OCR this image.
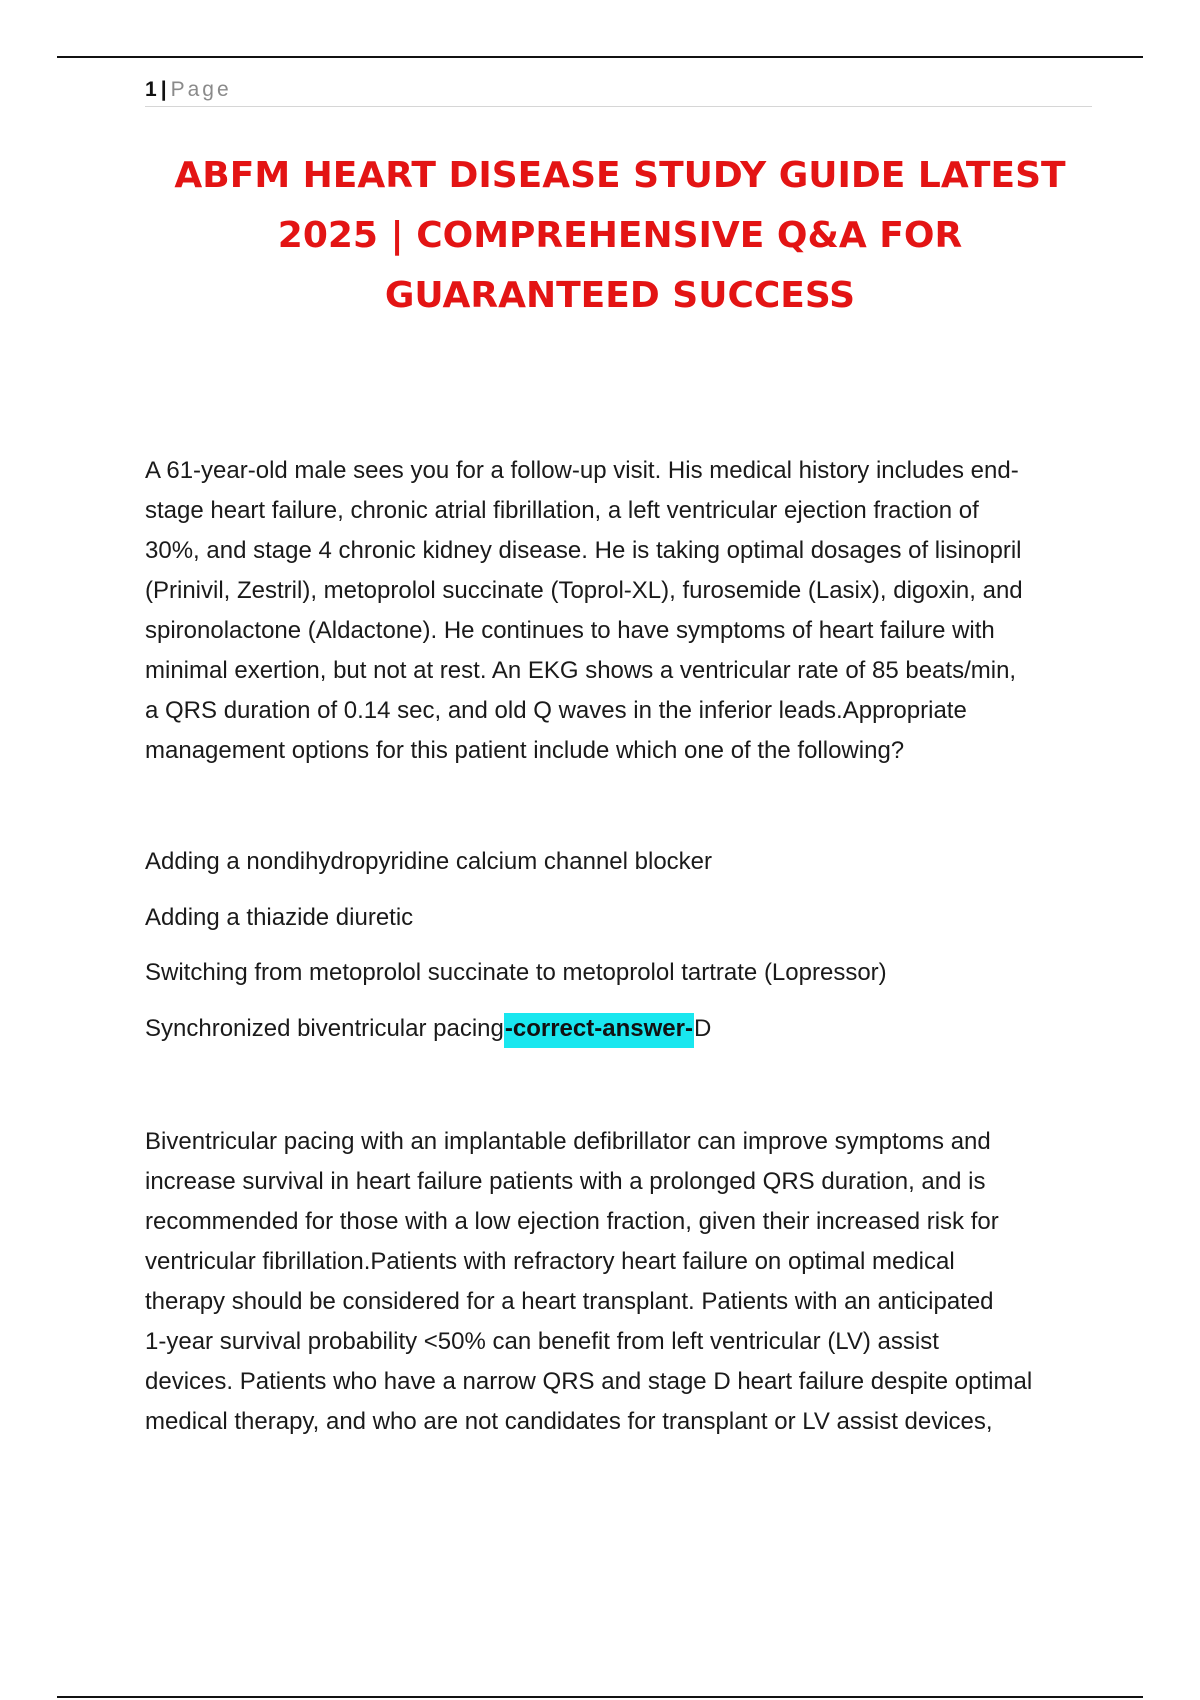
1 | Page
ABFM HEART DISEASE STUDY GUIDE LATEST
2025 | COMPREHENSIVE Q&A FOR
GUARANTEED SUCCESS

A 61-year-old male sees you for a follow-up visit. His medical history includes end-
stage heart failure, chronic atrial fibrillation, a left ventricular ejection fraction of
30%, and stage 4 chronic kidney disease. He is taking optimal dosages of lisinopril
(Prinivil, Zestril), metoprolol succinate (Toprol-XL), furosemide (Lasix), digoxin, and
spironolactone (Aldactone). He continues to have symptoms of heart failure with
minimal exertion, but not at rest. An EKG shows a ventricular rate of 85 beats/min,
a QRS duration of 0.14 sec, and old Q waves in the inferior leads.Appropriate
management options for this patient include which one of the following?

Adding a nondihydropyridine calcium channel blocker
Adding a thiazide diuretic
Switching from metoprolol succinate to metoprolol tartrate (Lopressor)
Synchronized biventricular pacing-correct-answer-D

Biventricular pacing with an implantable defibrillator can improve symptoms and
increase survival in heart failure patients with a prolonged QRS duration, and is
recommended for those with a low ejection fraction, given their increased risk for
ventricular fibrillation.Patients with refractory heart failure on optimal medical
therapy should be considered for a heart transplant. Patients with an anticipated
1-year survival probability <50% can benefit from left ventricular (LV) assist
devices. Patients who have a narrow QRS and stage D heart failure despite optimal
medical therapy, and who are not candidates for transplant or LV assist devices,
